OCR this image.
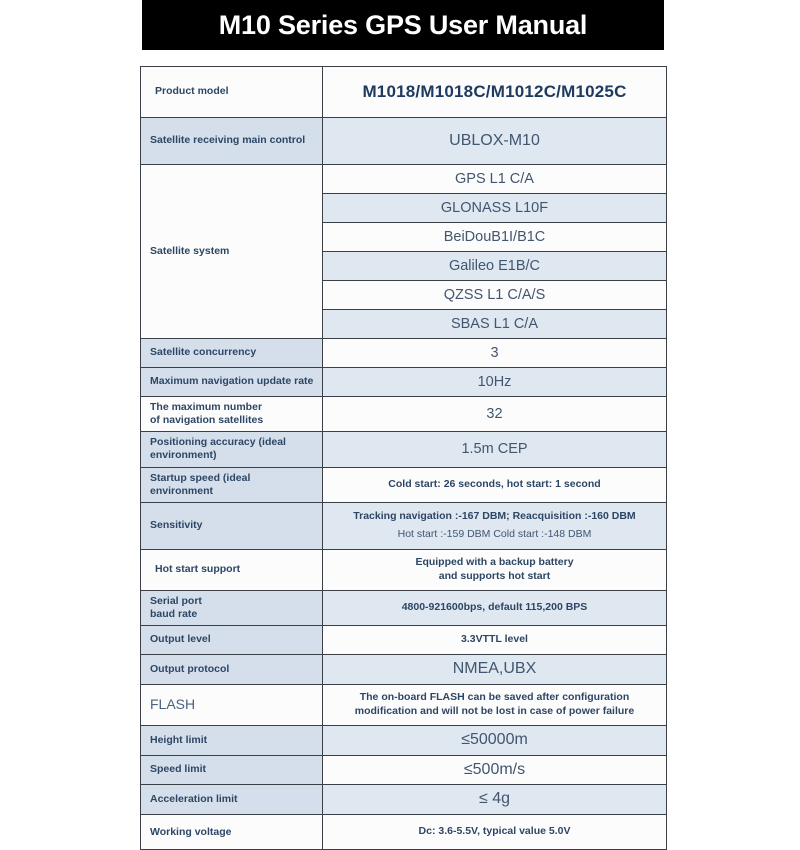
M10 Series GPS User Manual
Product model	M1018/M1018C/M1012C/M1025C

Satellite receiving main control	UBLOX-M10

Satellite system	GPS L1 C/A

	GLONASS L10F

	BeiDouB1I/B1C

	Galileo E1B/C

	QZSS L1 C/A/S

	SBAS L1 C/A

Satellite concurrency	3

Maximum navigation update rate	10Hz

The maximum number
of navigation satellites	32

Positioning accuracy (ideal
environment)	1.5m CEP

Startup speed (ideal
environment	Cold start: 26 seconds, hot start: 1 second

Sensitivity	Tracking navigation :-167 DBM; Reacquisition :-160 DBM
Hot start :-159 DBM Cold start :-148 DBM

Hot start support	Equipped with a backup battery
and supports hot start

Serial port
baud rate	4800-921600bps, default 115,200 BPS

Output level	3.3VTTL level

Output protocol	NMEA,UBX

FLASH	The on-board FLASH can be saved after configuration
modification and will not be lost in case of power failure

Height limit	≤50000m

Speed limit	≤500m/s

Acceleration limit	≤ 4g

Working voltage	Dc: 3.6-5.5V, typical value 5.0V
